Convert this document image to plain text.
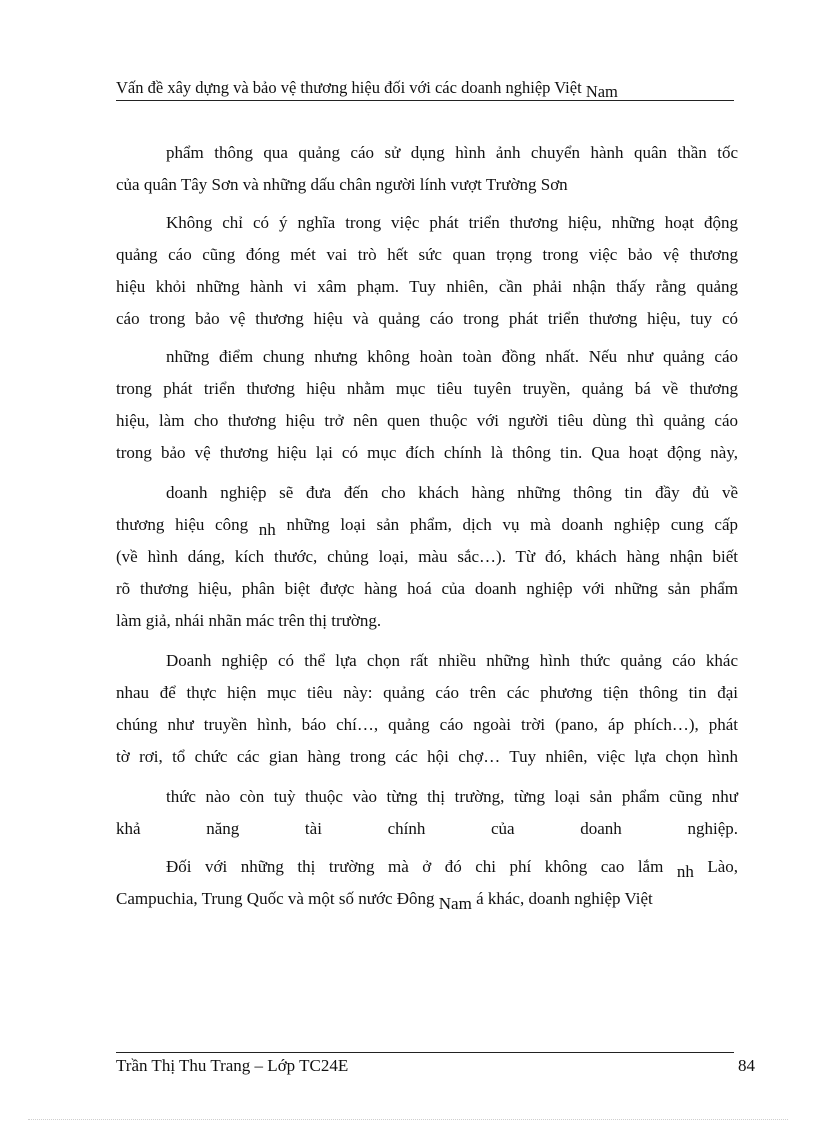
Vấn đề xây dựng và bảo vệ thương hiệu đối với các doanh nghiệp Việt Nam
phẩm thông qua quảng cáo sử dụng hình ảnh chuyển hành quân thần tốc
của quân Tây Sơn và những dấu chân người lính vượt Trường Sơn
Không chỉ có ý nghĩa trong việc phát triển thương hiệu, những hoạt động
quảng cáo cũng đóng mét vai trò hết sức quan trọng trong việc bảo vệ thương
hiệu khỏi những hành vi xâm phạm. Tuy nhiên, cần phải nhận thấy rằng quảng
cáo trong bảo vệ thương hiệu và quảng cáo trong phát triển thương hiệu, tuy có
những điểm chung nhưng không hoàn toàn đồng nhất. Nếu như quảng cáo
trong phát triển thương hiệu nhằm mục tiêu tuyên truyền, quảng bá về thương
hiệu, làm cho thương hiệu trở nên quen thuộc với người tiêu dùng thì quảng cáo
trong bảo vệ thương hiệu lại có mục đích chính là thông tin. Qua hoạt động này,
doanh nghiệp sẽ đưa đến cho khách hàng những thông tin đầy đủ về
thương hiệu công nh những loại sản phẩm, dịch vụ mà doanh nghiệp cung cấp
(về hình dáng, kích thước, chủng loại, màu sắc…). Từ đó, khách hàng nhận biết
rõ thương hiệu, phân biệt được hàng hoá của doanh nghiệp với những sản phẩm
làm giả, nhái nhãn mác trên thị trường.
Doanh nghiệp có thể lựa chọn rất nhiều những hình thức quảng cáo khác
nhau để thực hiện mục tiêu này: quảng cáo trên các phương tiện thông tin đại
chúng như truyền hình, báo chí…, quảng cáo ngoài trời (pano, áp phích…), phát
tờ rơi, tổ chức các gian hàng trong các hội chợ… Tuy nhiên, việc lựa chọn hình
thức nào còn tuỳ thuộc vào từng thị trường, từng loại sản phẩm cũng như
khả năng tài chính của doanh nghiệp.
Đối với những thị trường mà ở đó chi phí không cao lắm nh Lào,
Campuchia, Trung Quốc và một số nước Đông Nam á khác, doanh nghiệp Việt
Trần Thị Thu Trang – Lớp TC24E	84
